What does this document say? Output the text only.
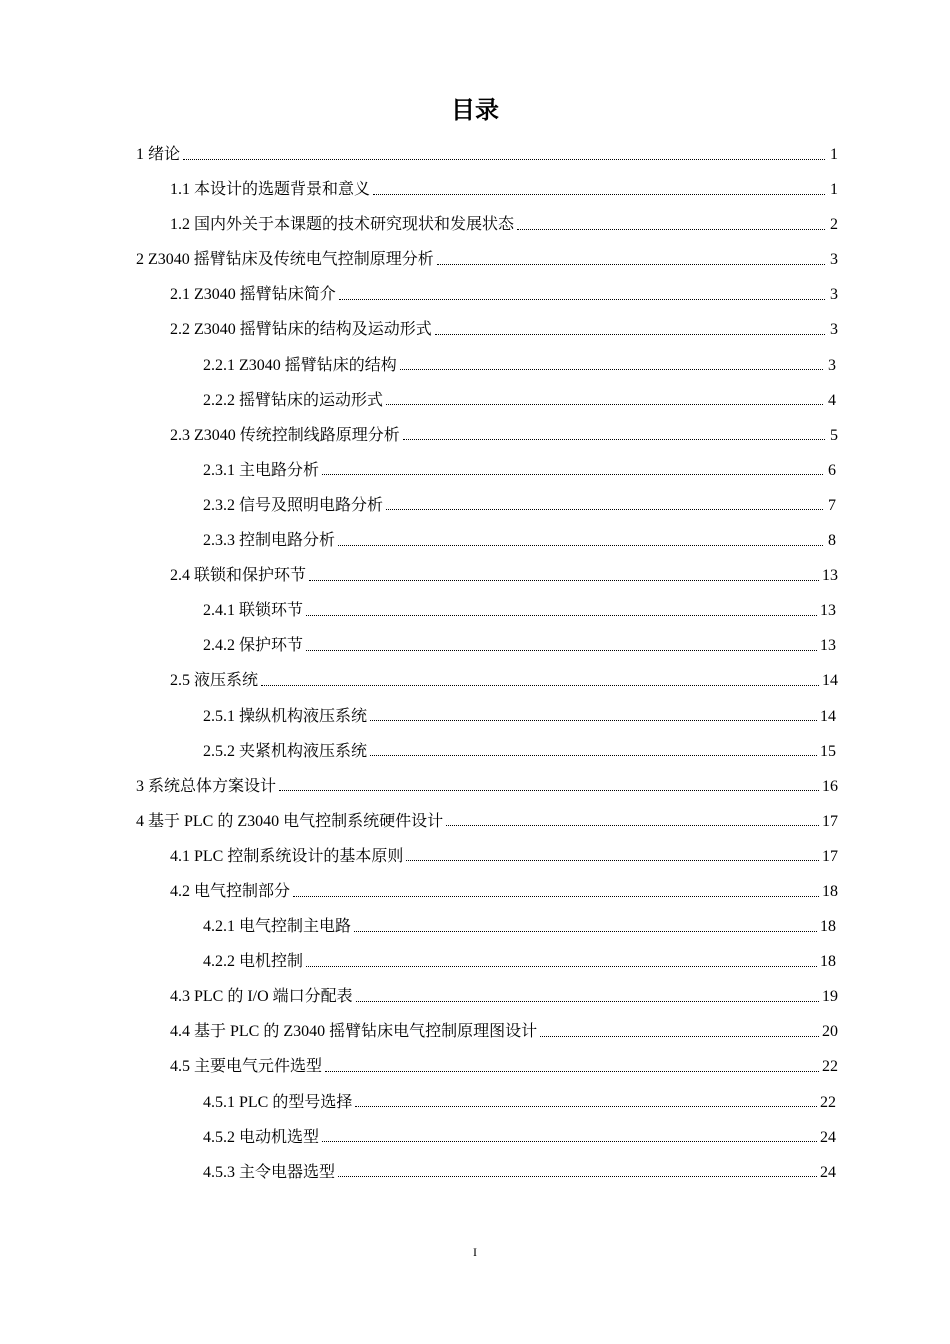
目录
1 绪论	1
1.1 本设计的选题背景和意义	1
1.2 国内外关于本课题的技术研究现状和发展状态	2
2 Z3040 摇臂钻床及传统电气控制原理分析	3
2.1 Z3040 摇臂钻床简介	3
2.2 Z3040 摇臂钻床的结构及运动形式	3
2.2.1 Z3040 摇臂钻床的结构	3
2.2.2 摇臂钻床的运动形式	4
2.3 Z3040 传统控制线路原理分析	5
2.3.1 主电路分析	6
2.3.2 信号及照明电路分析	7
2.3.3 控制电路分析	8
2.4 联锁和保护环节	13
2.4.1 联锁环节	13
2.4.2 保护环节	13
2.5 液压系统	14
2.5.1 操纵机构液压系统	14
2.5.2 夹紧机构液压系统	15
3 系统总体方案设计	16
4 基于 PLC 的 Z3040 电气控制系统硬件设计	17
4.1 PLC 控制系统设计的基本原则	17
4.2 电气控制部分	18
4.2.1 电气控制主电路	18
4.2.2 电机控制	18
4.3 PLC 的 I/O 端口分配表	19
4.4 基于 PLC 的 Z3040 摇臂钻床电气控制原理图设计	20
4.5 主要电气元件选型	22
4.5.1 PLC 的型号选择	22
4.5.2 电动机选型	24
4.5.3 主令电器选型	24
I
